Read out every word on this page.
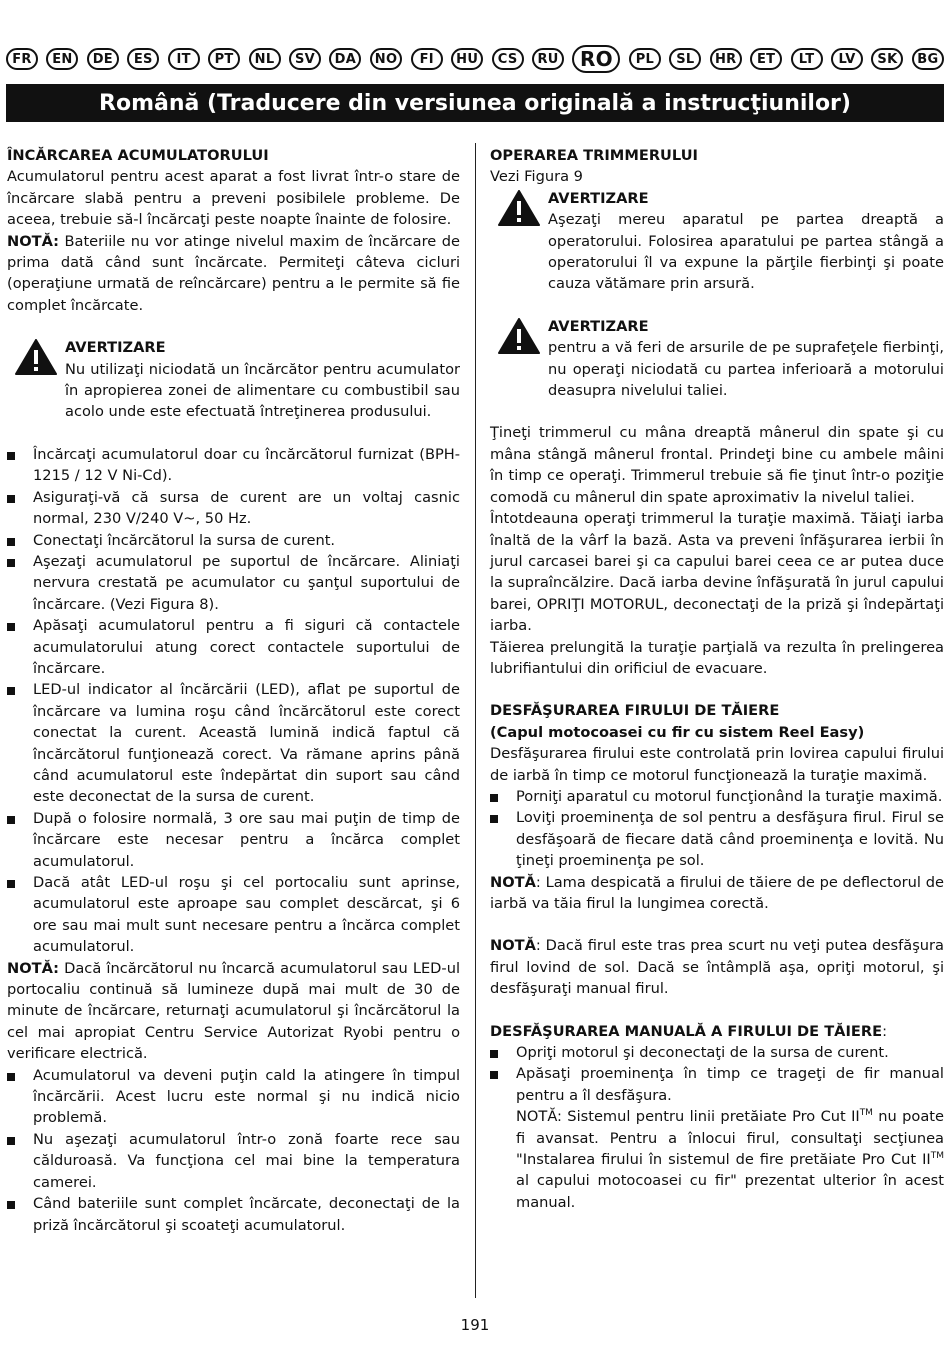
FR	EN	DE	ES	IT	PT	NL	SV	DA	NO	FI	HU	CS	RU	RO	PL	SL	HR	ET	LT	LV	SK	BG
Română (Traducere din versiunea originală a instrucţiunilor)
ÎNCĂRCAREA ACUMULATORULUI

Acumulatorul pentru acest aparat a fost livrat într-o stare de încărcare slabă pentru a preveni posibilele probleme. De aceea, trebuie să-l încărcaţi peste noapte înainte de folosire.

NOTĂ: Bateriile nu vor atinge nivelul maxim de încărcare de prima dată când sunt încărcate. Permiteţi câteva cicluri (operaţiune urmată de reîncărcare) pentru a le permite să fie complet încărcate.

AVERTIZARE

Nu utilizaţi niciodată un încărcător pentru acumulator în apropierea zonei de alimentare cu combustibil sau acolo unde este efectuată întreţinerea produsului.

Încărcaţi acumulatorul doar cu încărcătorul furnizat (BPH-1215 / 12 V Ni-Cd).
Asiguraţi-vă că sursa de curent are un voltaj casnic normal, 230 V/240 V~, 50 Hz.
Conectaţi încărcătorul la sursa de curent.
Aşezaţi acumulatorul pe suportul de încărcare. Aliniaţi nervura crestată pe acumulator cu şanţul suportului de încărcare. (Vezi Figura 8).
Apăsaţi acumulatorul pentru a fi siguri că contactele acumulatorului atung corect contactele suportului de încărcare.
LED-ul indicator al încărcării (LED), aflat pe suportul de încărcare va lumina roşu când încărcătorul este corect conectat la curent. Această lumină indică faptul că încărcătorul funţionează corect. Va rămane aprins până când acumulatorul este îndepărtat din suport sau când este deconectat de la sursa de curent.
După o folosire normală, 3 ore sau mai puţin de timp de încărcare este necesar pentru a încărca complet acumulatorul.
Dacă atât LED-ul roşu şi cel portocaliu sunt aprinse, acumulatorul este aproape sau complet descărcat, şi 6 ore sau mai mult sunt necesare pentru a încărca complet acumulatorul.

NOTĂ: Dacă încărcătorul nu încarcă acumulatorul sau LED-ul portocaliu continuă să lumineze după mai mult de 30 de minute de încărcare, returnaţi acumulatorul şi încărcătorul la cel mai apropiat Centru Service Autorizat Ryobi pentru o verificare electrică.

Acumulatorul va deveni puţin cald la atingere în timpul încărcării. Acest lucru este normal şi nu indică nicio problemă.
Nu aşezaţi acumulatorul într-o zonă foarte rece sau călduroasă. Va funcţiona cel mai bine la temperatura camerei.
Când bateriile sunt complet încărcate, deconectaţi de la priză încărcătorul şi scoateţi acumulatorul.
OPERAREA TRIMMERULUI

Vezi Figura 9

AVERTIZARE

Aşezaţi mereu aparatul pe partea dreaptă a operatorului. Folosirea aparatului pe partea stângă a operatorului îl va expune la părţile fierbinţi şi poate cauza vătămare prin arsură.

AVERTIZARE

pentru a vă feri de arsurile de pe suprafeţele fierbinţi, nu operaţi niciodată cu partea inferioară a motorului deasupra nivelului taliei.

Ţineţi trimmerul cu mâna dreaptă mânerul din spate şi cu mâna stângă mânerul frontal. Prindeţi bine cu ambele mâini în timp ce operaţi. Trimmerul trebuie să fie ţinut într-o poziţie comodă cu mânerul din spate aproximativ la nivelul taliei.

Întotdeauna operaţi trimmerul la turaţie maximă. Tăiaţi iarba înaltă de la vârf la bază. Asta va preveni înfăşurarea ierbii în jurul carcasei barei şi ca capului barei ceea ce ar putea duce la supraîncălzire. Dacă iarba devine înfăşurată în jurul capului barei, OPRIŢI MOTORUL, deconectaţi de la priză şi îndepărtaţi iarba.

Tăierea prelungită la turaţie parţială va rezulta în prelingerea lubrifiantului din orificiul de evacuare.

DESFĂŞURAREA FIRULUI DE TĂIERE

(Capul motocoasei cu fir cu sistem Reel Easy)

Desfăşurarea firului este controlată prin lovirea capului firului de iarbă în timp ce motorul funcţionează la turaţie maximă.

Porniţi aparatul cu motorul funcţionând la turaţie maximă.
Loviţi proeminenţa de sol pentru a desfăşura firul. Firul se desfăşoară de fiecare dată când proeminenţa e lovită. Nu ţineţi proeminenţa pe sol.

NOTĂ: Lama despicată a firului de tăiere de pe deflectorul de iarbă va tăia firul la lungimea corectă.

NOTĂ: Dacă firul este tras prea scurt nu veţi putea desfăşura firul lovind de sol. Dacă se întâmplă aşa, opriţi motorul, şi desfăşuraţi manual firul.

DESFĂŞURAREA MANUALĂ A FIRULUI DE TĂIERE:
Opriţi motorul şi deconectaţi de la sursa de curent.
Apăsaţi proeminenţa în timp ce trageţi de fir manual pentru a îl desfăşura.

NOTĂ: Sistemul pentru linii pretăiate Pro Cut II™ nu poate fi avansat. Pentru a înlocui firul, consultaţi secţiunea "Instalarea firului în sistemul de fire pretăiate Pro Cut II™ al capului motocoasei cu fir" prezentat ulterior în acest manual.

191
